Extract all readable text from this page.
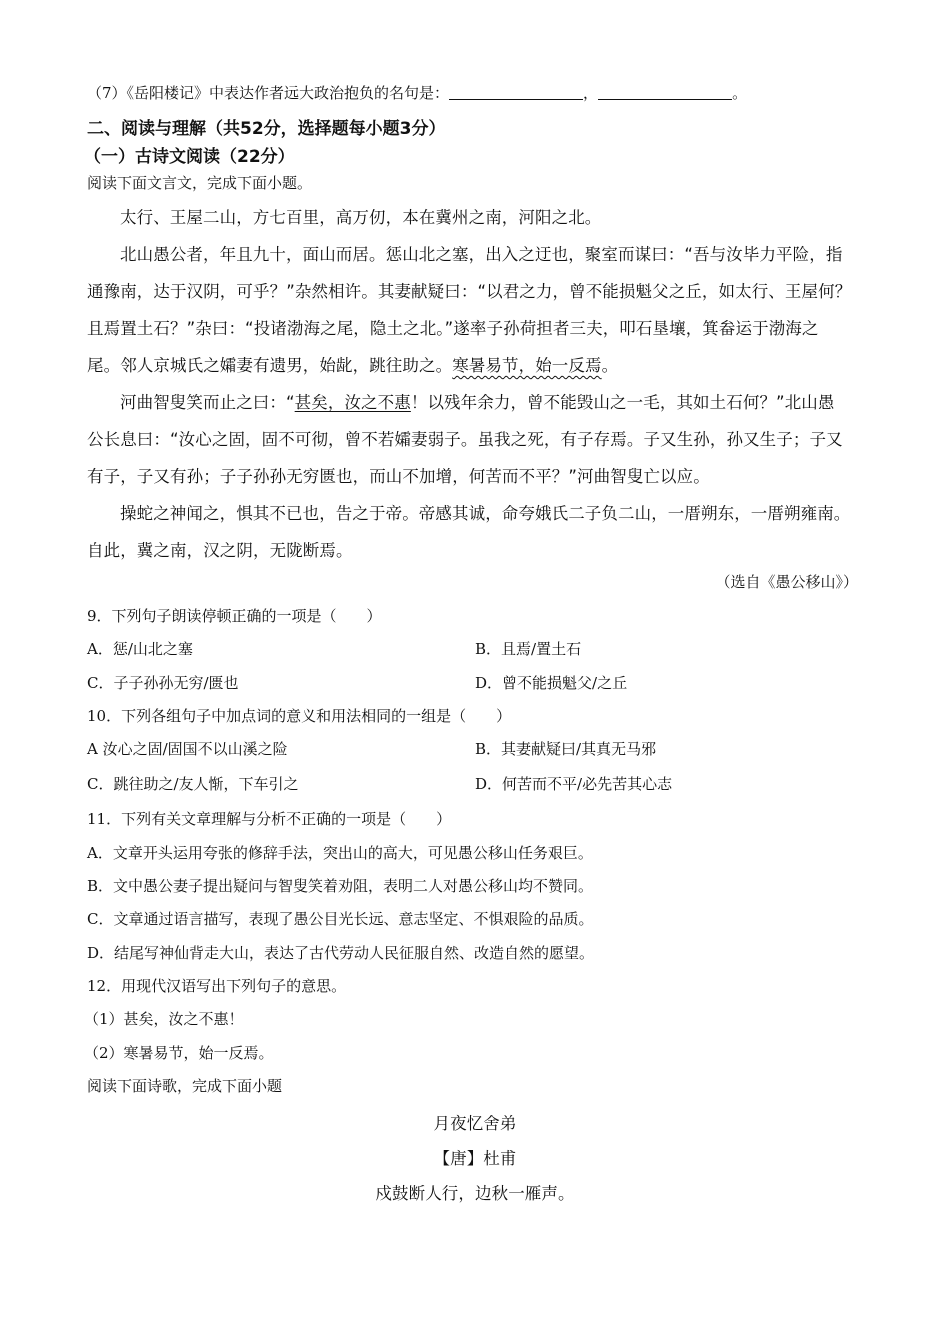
（7）《岳阳楼记》中表达作者远大政治抱负的名句是：	，	。
二、阅读与理解（共52分，选择题每小题3分）
（一）古诗文阅读（22分）
阅读下面文言文，完成下面小题。
太行、王屋二山，方七百里，高万仞，本在冀州之南，河阳之北。
北山愚公者，年且九十，面山而居。惩山北之塞，出入之迂也，聚室而谋曰：“吾与汝毕力平险，指
通豫南，达于汉阴，可乎？”杂然相许。其妻献疑曰：“以君之力，曾不能损魁父之丘，如太行、王屋何？
且焉置土石？”杂曰：“投诸渤海之尾，隐土之北。”遂率子孙荷担者三夫，叩石垦壤，箕畚运于渤海之
尾。邻人京城氏之孀妻有遗男，始龀，跳往助之。寒暑易节，始一反焉。
河曲智叟笑而止之曰：“甚矣，汝之不惠！以残年余力，曾不能毁山之一毛，其如土石何？”北山愚
公长息曰：“汝心之固，固不可彻，曾不若孀妻弱子。虽我之死，有子存焉。子又生孙，孙又生子；子又
有子，子又有孙；子子孙孙无穷匮也，而山不加增，何苦而不平？”河曲智叟亡以应。
操蛇之神闻之，惧其不已也，告之于帝。帝感其诚，命夸娥氏二子负二山，一厝朔东，一厝朔雍南。
自此，冀之南，汉之阴，无陇断焉。
（选自《愚公移山》）
9．下列句子朗读停顿正确的一项是（　　）
A．惩/山北之塞	B．且焉/置土石
C．子子孙孙无穷/匮也	D．曾不能损魁父/之丘
10．下列各组句子中加点词的意义和用法相同的一组是（　　）
A 汝心之固/固国不以山溪之险	B．其妻献疑曰/其真无马邪
C．跳往助之/友人惭，下车引之	D．何苦而不平/必先苦其心志
11．下列有关文章理解与分析不正确的一项是（　　）
A．文章开头运用夸张的修辞手法，突出山的高大，可见愚公移山任务艰巨。
B．文中愚公妻子提出疑问与智叟笑着劝阻，表明二人对愚公移山均不赞同。
C．文章通过语言描写，表现了愚公目光长远、意志坚定、不惧艰险的品质。
D．结尾写神仙背走大山，表达了古代劳动人民征服自然、改造自然的愿望。
12．用现代汉语写出下列句子的意思。
（1）甚矣，汝之不惠！
（2）寒暑易节，始一反焉。
阅读下面诗歌，完成下面小题
月夜忆舍弟
【唐】杜甫
戍鼓断人行，边秋一雁声。
